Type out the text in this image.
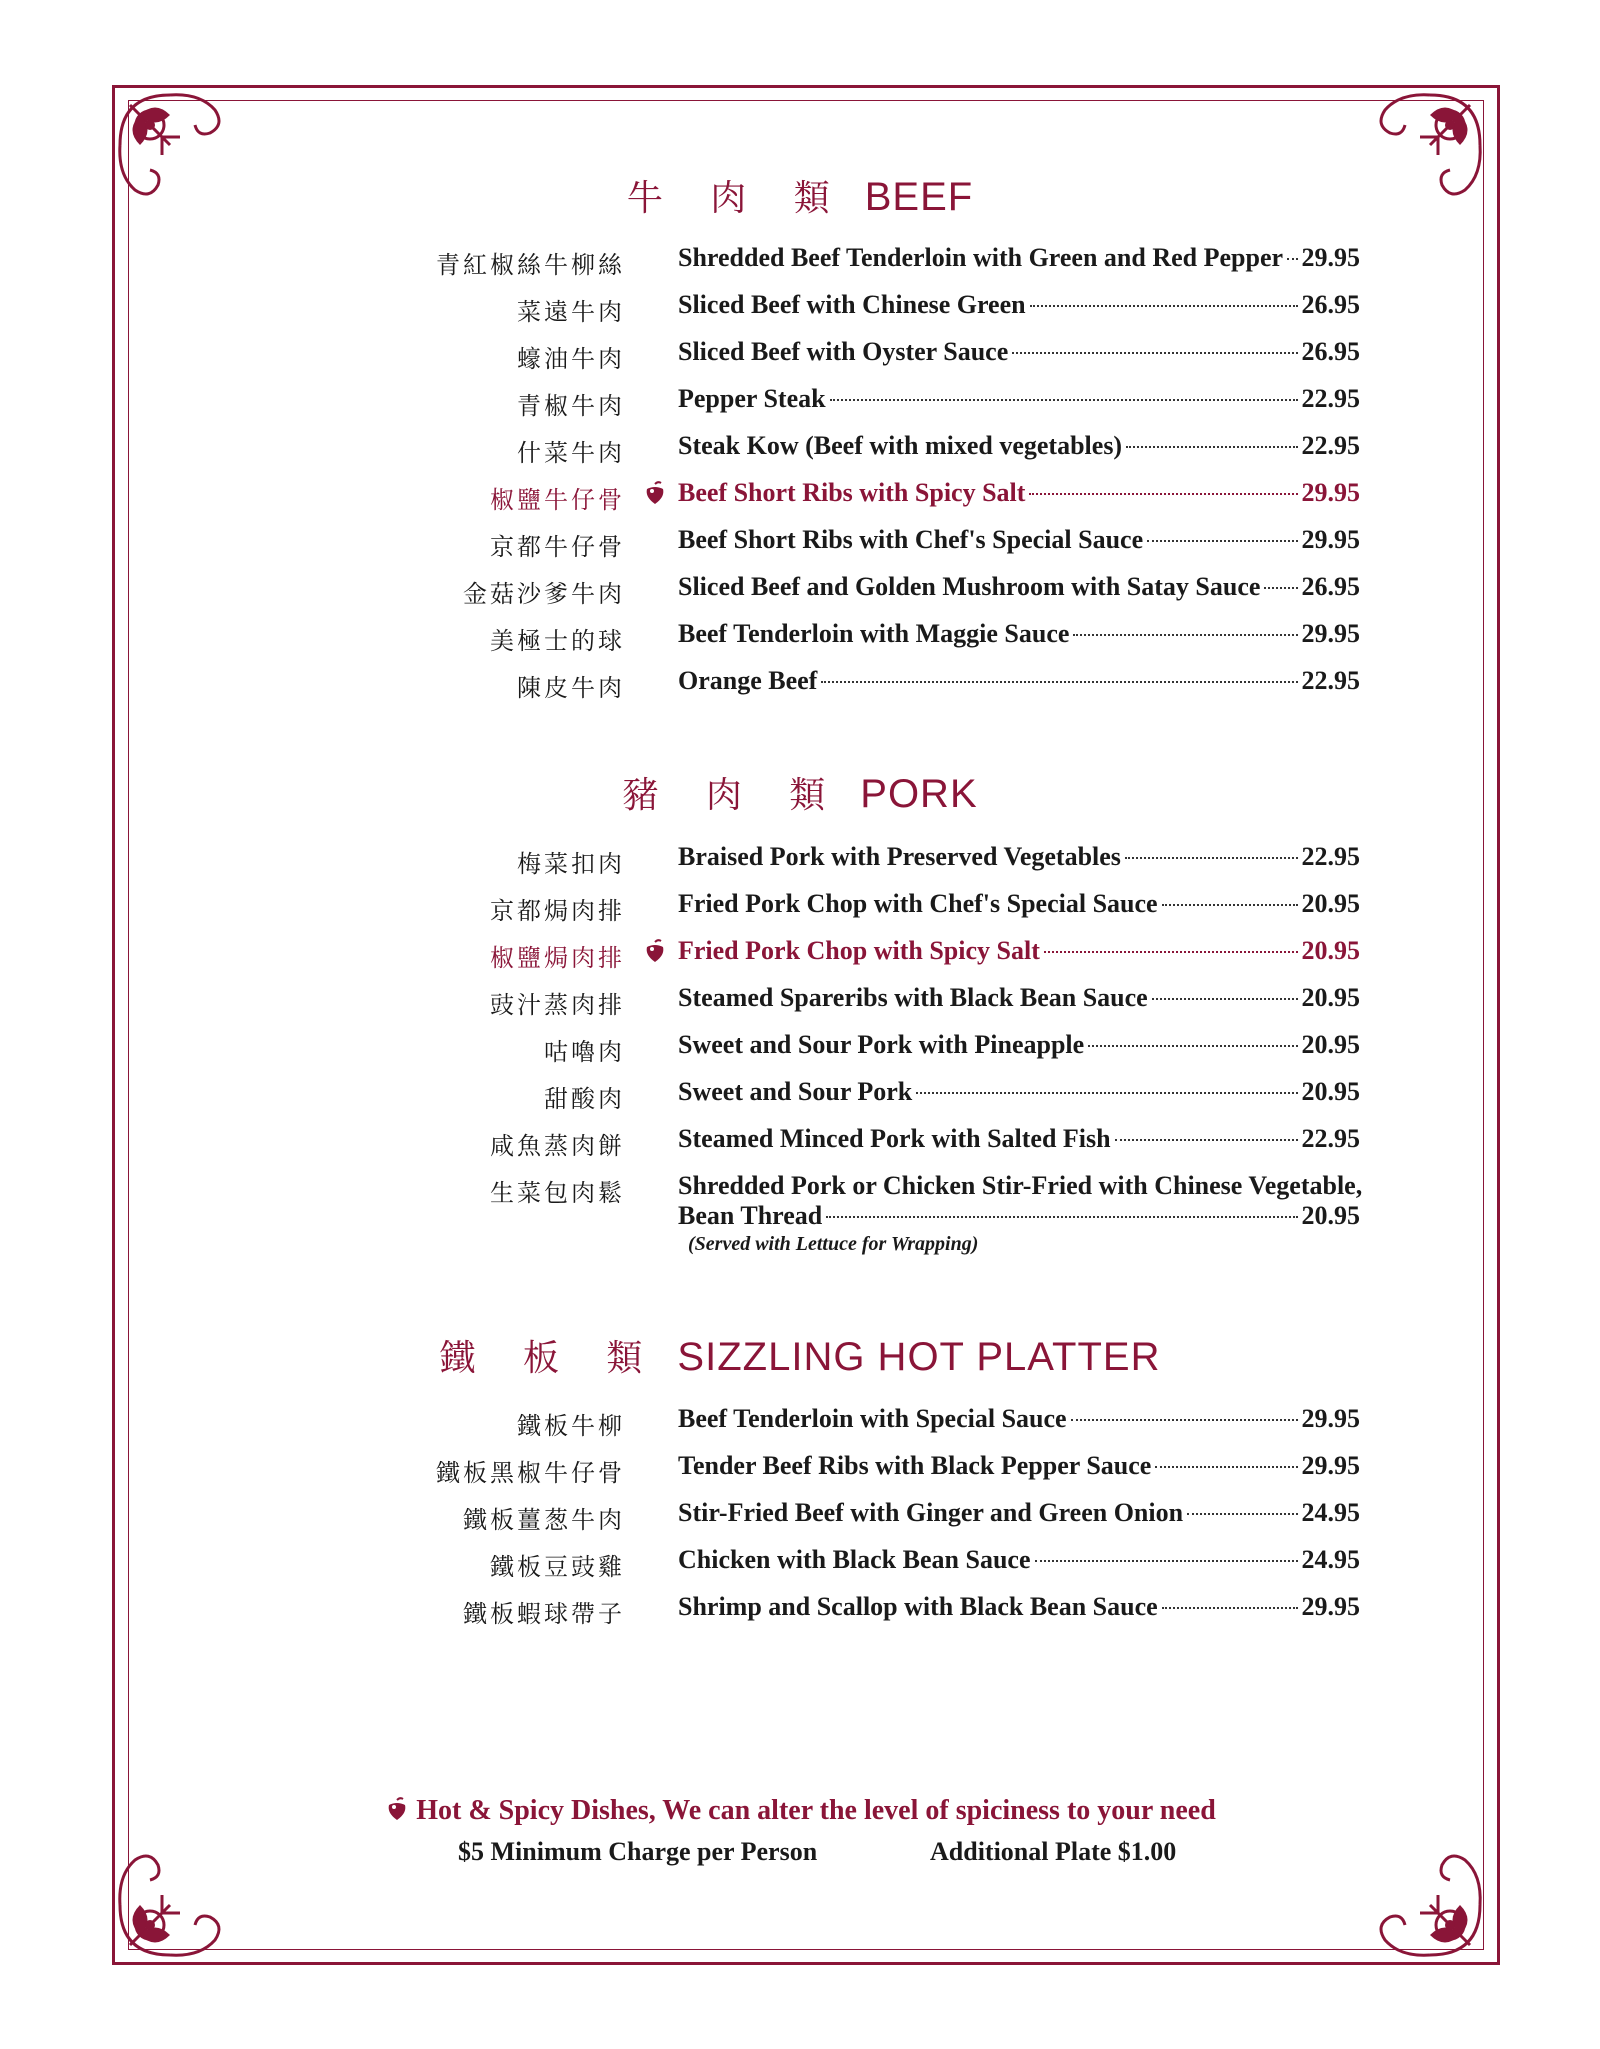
牛 肉 類 BEEF
青紅椒絲牛柳絲 Shredded Beef Tenderloin with Green and Red Pepper 29.95
菜遠牛肉 Sliced Beef with Chinese Green	26.95
蠔油牛肉 Sliced Beef with Oyster Sauce	26.95
青椒牛肉 Pepper Steak	22.95
什菜牛肉 Steak Kow (Beef with mixed vegetables)	22.95
椒鹽牛仔骨 Beef Short Ribs with Spicy Salt	29.95
京都牛仔骨 Beef Short Ribs with Chef's Special Sauce	29.95
金菇沙爹牛肉 Sliced Beef and Golden Mushroom with Satay Sauce 26.95
美極士的球 Beef Tenderloin with Maggie Sauce	29.95
陳皮牛肉 Orange Beef	22.95
豬 肉 類 PORK
梅菜扣肉 Braised Pork with Preserved Vegetables	22.95
京都焗肉排 Fried Pork Chop with Chef's Special Sauce	20.95
椒鹽焗肉排 Fried Pork Chop with Spicy Salt	20.95
豉汁蒸肉排 Steamed Spareribs with Black Bean Sauce	20.95
咕嚕肉 Sweet and Sour Pork with Pineapple	20.95
甜酸肉 Sweet and Sour Pork	20.95
咸魚蒸肉餅 Steamed Minced Pork with Salted Fish	22.95
生菜包肉鬆 Shredded Pork or Chicken Stir-Fried with Chinese Vegetable,
Bean Thread	20.95
(Served with Lettuce for Wrapping)
鐵 板 類 SIZZLING HOT PLATTER
鐵板牛柳 Beef Tenderloin with Special Sauce	29.95
鐵板黑椒牛仔骨 Tender Beef Ribs with Black Pepper Sauce	29.95
鐵板薑葱牛肉 Stir-Fried Beef with Ginger and Green Onion	24.95
鐵板豆豉雞 Chicken with Black Bean Sauce	24.95
鐵板蝦球帶子 Shrimp and Scallop with Black Bean Sauce	29.95
Hot & Spicy Dishes, We can alter the level of spiciness to your need
$5 Minimum Charge per Person	Additional Plate $1.00
